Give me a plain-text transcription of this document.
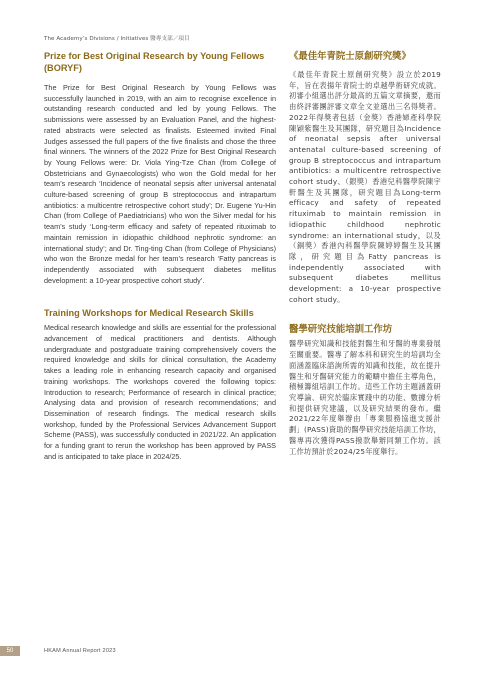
The Academy’s Divisions / Initiatives 醫專支部／項目
Prize for Best Original Research by Young Fellows (BORYF)

The Prize for Best Original Research by Young Fellows was successfully launched in 2019, with an aim to recognise excellence in outstanding research conducted and led by young Fellows. The submissions were assessed by an Evaluation Panel, and the highest-rated abstracts were selected as finalists. Esteemed invited Final Judges assessed the full papers of the five finalists and chose the three final winners. The winners of the 2022 Prize for Best Original Research by Young Fellows were: Dr. Viola Ying-Tze Chan (from College of Obstetricians and Gynaecologists) who won the Gold medal for her team’s research ‘Incidence of neonatal sepsis after universal antenatal culture-based screening of group B streptococcus and intrapartum antibiotics: a multicentre retrospective cohort study’; Dr. Eugene Yu-Hin Chan (from College of Paediatricians) who won the Silver medal for his team’s study ‘Long-term efficacy and safety of repeated rituximab to maintain remission in idiopathic childhood nephrotic syndrome: an international study’; and Dr. Ting-ting Chan (from College of Physicians) who won the Bronze medal for her team’s research ‘Fatty pancreas is independently associated with subsequent diabetes mellitus development: a 10-year prospective cohort study’.

Training Workshops for Medical Research Skills

Medical research knowledge and skills are essential for the professional advancement of medical practitioners and dentists. Although undergraduate and postgraduate training comprehensively covers the required knowledge and skills for clinical consultation, the Academy takes a leading role in enhancing research capacity and organised training workshops. The workshops covered the following topics: Introduction to research; Performance of research in clinical practice; Analysing data and provision of research recommendations; and Dissemination of research findings. The medical research skills workshop, funded by the Professional Services Advancement Support Scheme (PASS), was successfully conducted in 2021/22. An application for a funding grant to rerun the workshop has been approved by PASS and is anticipated to take place in 2024/25.

《最佳年青院士原創研究獎》

《最佳年青院士原創研究獎》設立於2019年，旨在表揚年青院士的卓越學術研究成就。初審小組選出評分最高的五篇文章摘要，邀而由終評審團評審文章全文並選出三名得獎者。2022年得獎者包括（金獎）香港婦產科學院陳穎紫醫生及其團隊，研究題目為Incidence of neonatal sepsis after universal antenatal culture-based screening of group B streptococcus and intrapartum antibiotics: a multicentre retrospective cohort study、（銀獎）香港兒科醫學院陳宇軒醫生及其團隊，研究題目為Long-term efficacy and safety of repeated rituximab to maintain remission in idiopathic childhood nephrotic syndrome: an international study，以及（銅獎）香港內科醫學院陳婷婷醫生及其團隊，研究題目為Fatty pancreas is independently associated with subsequent diabetes mellitus development: a 10-year prospective cohort study。

醫學研究技能培訓工作坊

醫學研究知識和技能對醫生和牙醫的專業發展至關重要。醫專了解本科和研究生的培訓均全面涵蓋臨床諮詢所需的知識和技能，故在提升醫生和牙醫研究能力的範疇中擔任主導角色，積極籌組培訓工作坊。這些工作坊主題涵蓋研究導論、研究於臨床實踐中的功能、數據分析和提供研究建議，以及研究結果的發布。繼2021/22年度舉辦由「專業服務協進支援計劃」(PASS)資助的醫學研究技能培訓工作坊，醫專再次獲得PASS撥款舉辦同類工作坊。該工作坊預計於2024/25年度舉行。

50	HKAM Annual Report 2023
